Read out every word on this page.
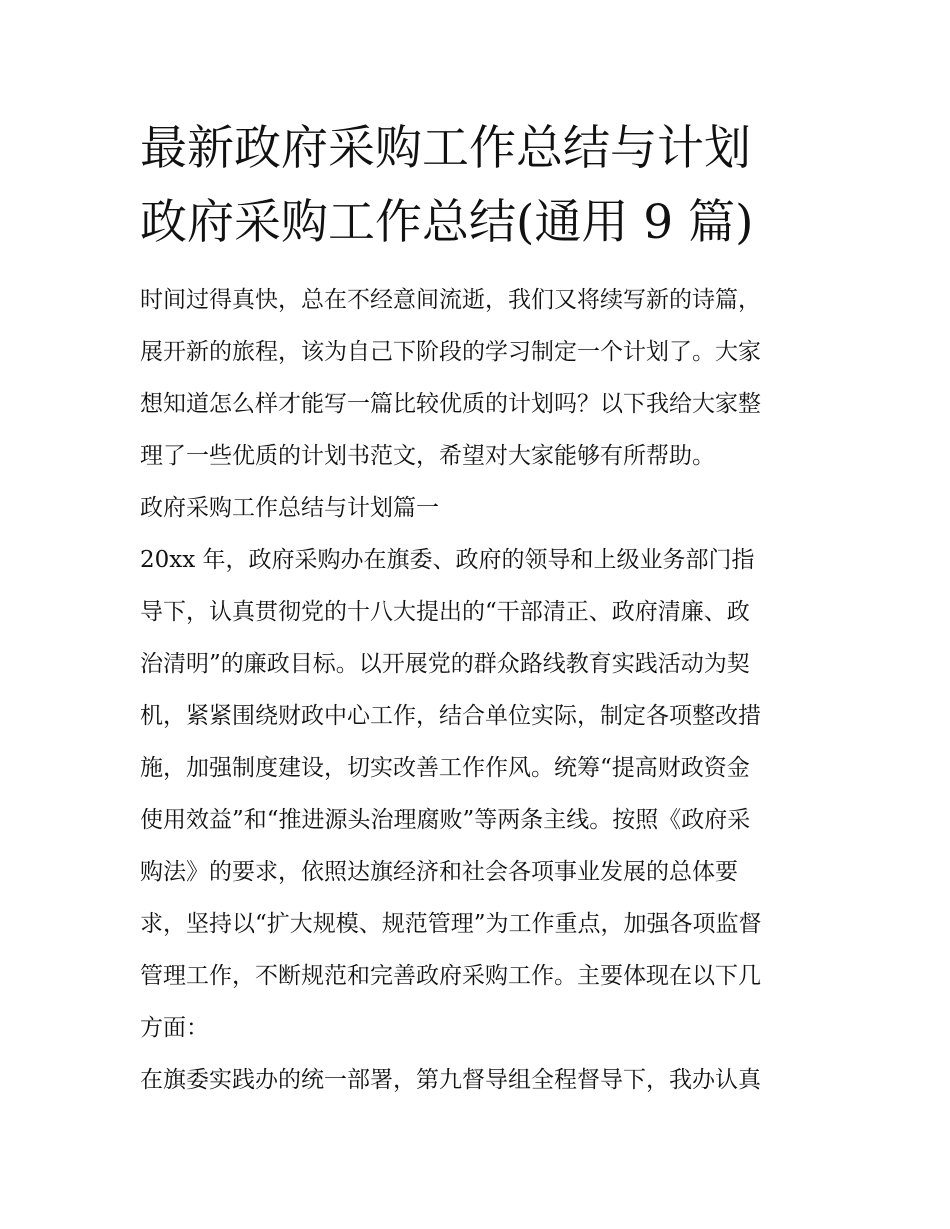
最新政府采购工作总结与计划
政府采购工作总结(通用 9 篇)
时间过得真快，总在不经意间流逝，我们又将续写新的诗篇，
展开新的旅程，该为自己下阶段的学习制定一个计划了。大家
想知道怎么样才能写一篇比较优质的计划吗？以下我给大家整
理了一些优质的计划书范文，希望对大家能够有所帮助。
政府采购工作总结与计划篇一
20xx 年，政府采购办在旗委、政府的领导和上级业务部门指
导下，认真贯彻党的十八大提出的“干部清正、政府清廉、政
治清明”的廉政目标。以开展党的群众路线教育实践活动为契
机，紧紧围绕财政中心工作，结合单位实际，制定各项整改措
施，加强制度建设，切实改善工作作风。统筹“提高财政资金
使用效益”和“推进源头治理腐败”等两条主线。按照《政府采
购法》的要求，依照达旗经济和社会各项事业发展的总体要
求，坚持以“扩大规模、规范管理”为工作重点，加强各项监督
管理工作，不断规范和完善政府采购工作。主要体现在以下几
方面：
在旗委实践办的统一部署，第九督导组全程督导下，我办认真
